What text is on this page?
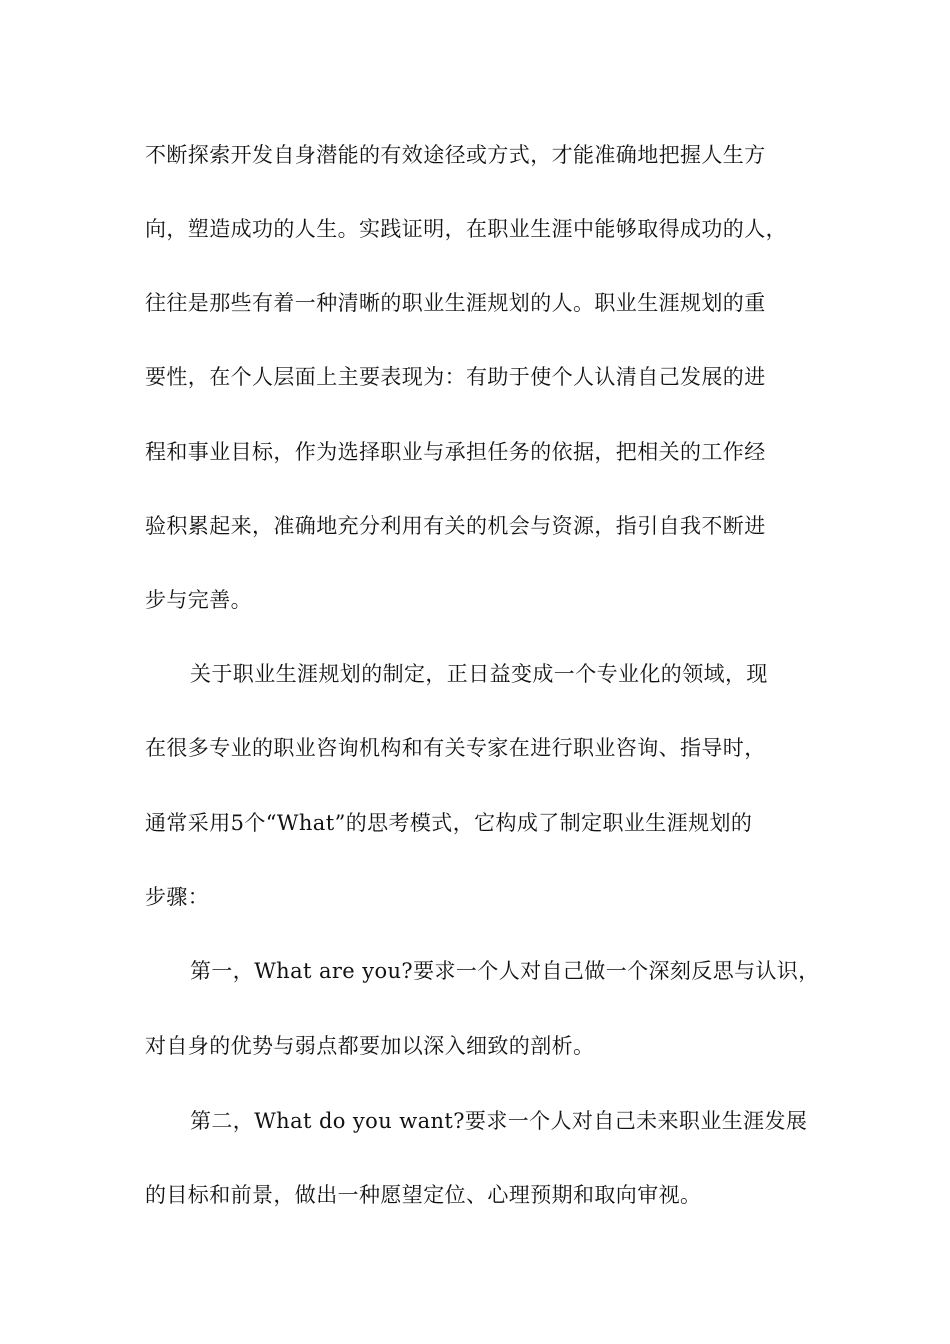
不断探索开发自身潜能的有效途径或方式，才能准确地把握人生方

向，塑造成功的人生。实践证明，在职业生涯中能够取得成功的人，

往往是那些有着一种清晰的职业生涯规划的人。职业生涯规划的重

要性，在个人层面上主要表现为：有助于使个人认清自己发展的进

程和事业目标，作为选择职业与承担任务的依据，把相关的工作经

验积累起来，准确地充分利用有关的机会与资源，指引自我不断进

步与完善。

关于职业生涯规划的制定，正日益变成一个专业化的领域，现

在很多专业的职业咨询机构和有关专家在进行职业咨询、指导时，

通常采用5个“What”的思考模式，它构成了制定职业生涯规划的

步骤：

第一，What are you?要求一个人对自己做一个深刻反思与认识，

对自身的优势与弱点都要加以深入细致的剖析。

第二，What do you want?要求一个人对自己未来职业生涯发展

的目标和前景，做出一种愿望定位、心理预期和取向审视。
